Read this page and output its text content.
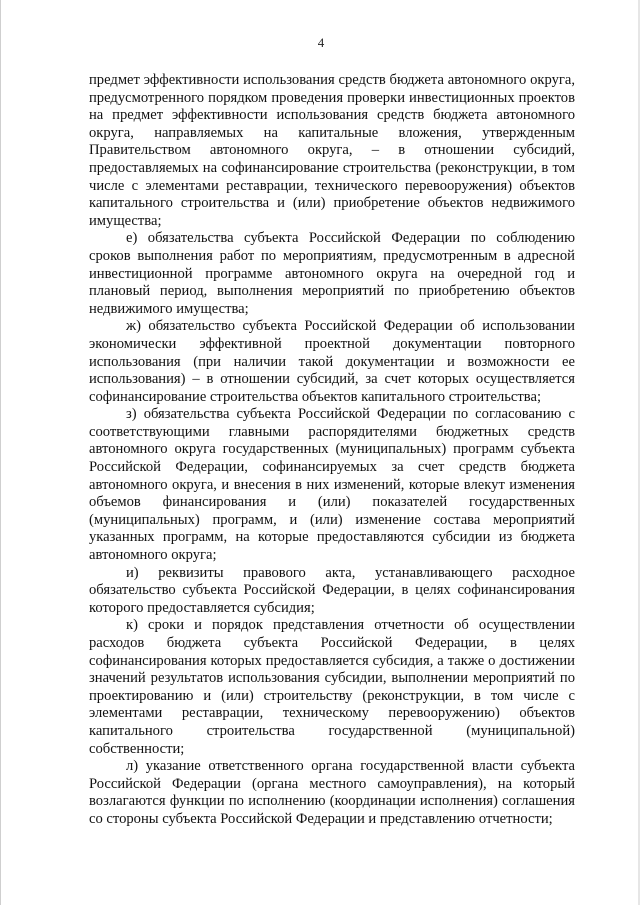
4

предмет эффективности использования средств бюджета автономного округа, предусмотренного порядком проведения проверки инвестиционных проектов на предмет эффективности использования средств бюджета автономного округа, направляемых на капитальные вложения, утвержденным Правительством автономного округа, – в отношении субсидий, предоставляемых на софинансирование строительства (реконструкции, в том числе с элементами реставрации, технического перевооружения) объектов капитального строительства и (или) приобретение объектов недвижимого имущества;

е) обязательства субъекта Российской Федерации по соблюдению сроков выполнения работ по мероприятиям, предусмотренным в адресной инвестиционной программе автономного округа на очередной год и плановый период, выполнения мероприятий по приобретению объектов недвижимого имущества;

ж) обязательство субъекта Российской Федерации об использовании экономически эффективной проектной документации повторного использования (при наличии такой документации и возможности ее использования) – в отношении субсидий, за счет которых осуществляется софинансирование строительства объектов капитального строительства;

з) обязательства субъекта Российской Федерации по согласованию с соответствующими главными распорядителями бюджетных средств автономного округа государственных (муниципальных) программ субъекта Российской Федерации, софинансируемых за счет средств бюджета автономного округа, и внесения в них изменений, которые влекут изменения объемов финансирования и (или) показателей государственных (муниципальных) программ, и (или) изменение состава мероприятий указанных программ, на которые предоставляются субсидии из бюджета автономного округа;

и) реквизиты правового акта, устанавливающего расходное обязательство субъекта Российской Федерации, в целях софинансирования которого предоставляется субсидия;

к) сроки и порядок представления отчетности об осуществлении расходов бюджета субъекта Российской Федерации, в целях софинансирования которых предоставляется субсидия, а также о достижении значений результатов использования субсидии, выполнении мероприятий по проектированию и (или) строительству (реконструкции, в том числе с элементами реставрации, техническому перевооружению) объектов капитального строительства государственной (муниципальной) собственности;

л) указание ответственного органа государственной власти субъекта Российской Федерации (органа местного самоуправления), на который возлагаются функции по исполнению (координации исполнения) соглашения со стороны субъекта Российской Федерации и представлению отчетности;
